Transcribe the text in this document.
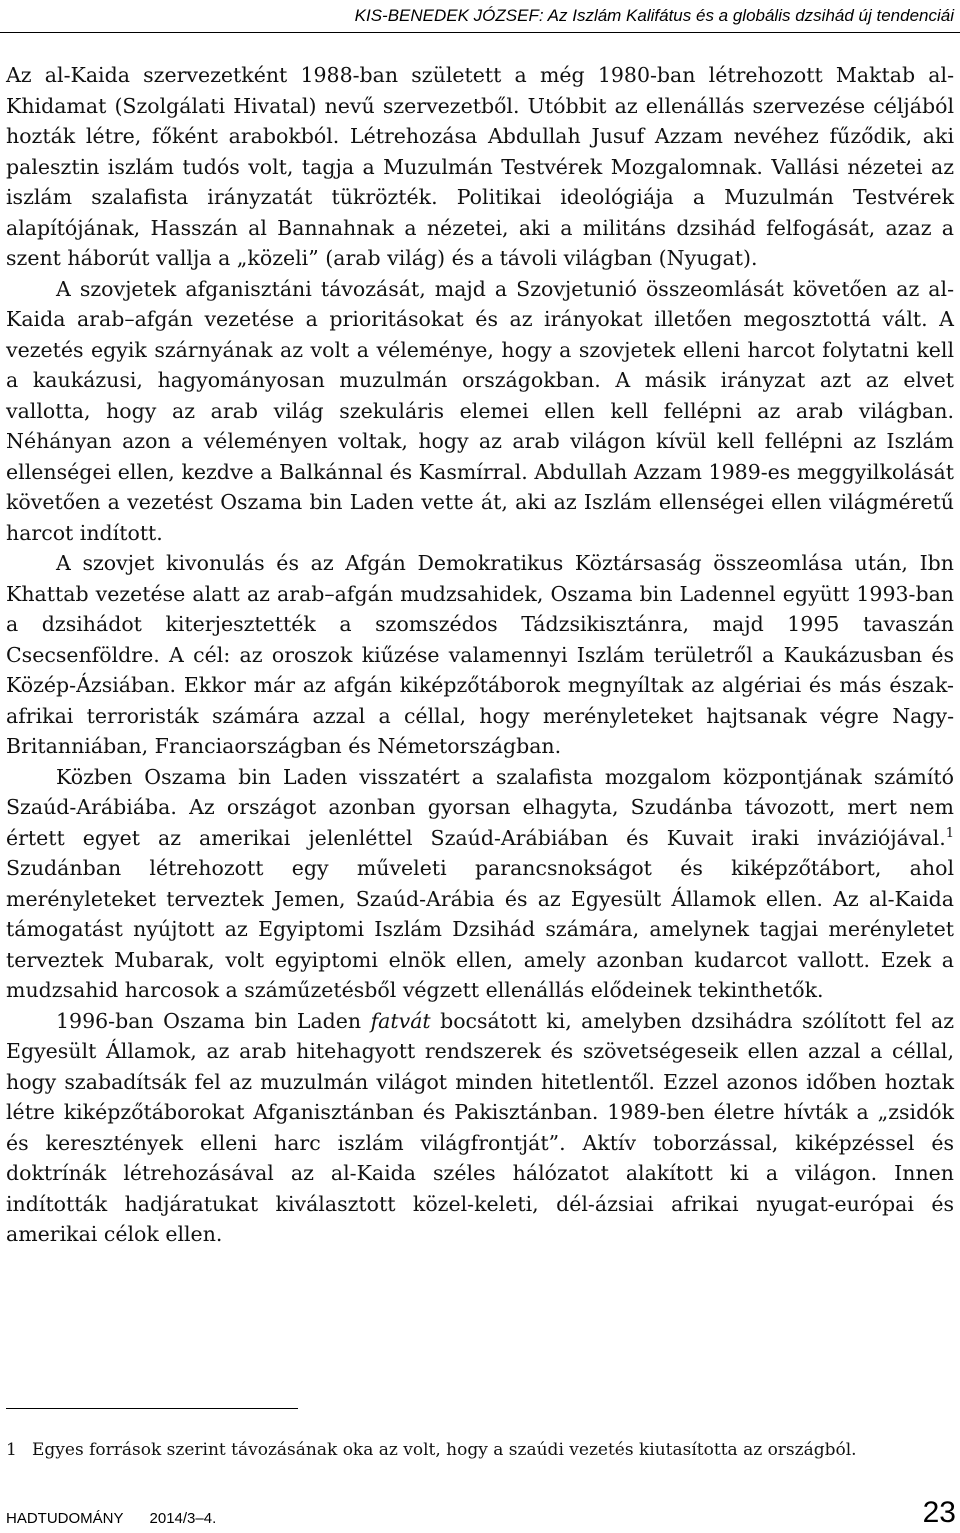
KIS-BENEDEK JÓZSEF: Az Iszlám Kalifátus és a globális dzsihád új tendenciái

Az al-Kaida szervezetként 1988-ban született a még 1980-ban létrehozott Maktab al-Khidamat (Szolgálati Hivatal) nevű szervezetből. Utóbbit az ellenállás szervezése céljából hozták létre, főként arabokból. Létrehozása Abdullah Jusuf Azzam nevéhez fűződik, aki palesztin iszlám tudós volt, tagja a Muzulmán Testvérek Mozgalomnak. Vallási nézetei az iszlám szalafista irányzatát tükrözték. Politikai ideológiája a Muzulmán Testvérek alapítójának, Hasszán al Bannahnak a nézetei, aki a militáns dzsihád felfogását, azaz a szent háborút vallja a „közeli” (arab világ) és a távoli világban (Nyugat).

A szovjetek afganisztáni távozását, majd a Szovjetunió összeomlását követően az al-Kaida arab–afgán vezetése a prioritásokat és az irányokat illetően megosztottá vált. A vezetés egyik szárnyának az volt a véleménye, hogy a szovjetek elleni harcot folytatni kell a kaukázusi, hagyományosan muzulmán országokban. A másik irányzat azt az elvet vallotta, hogy az arab világ szekuláris elemei ellen kell fellépni az arab világban. Néhányan azon a véleményen voltak, hogy az arab világon kívül kell fellépni az Iszlám ellenségei ellen, kezdve a Balkánnal és Kasmírral. Abdullah Azzam 1989-es meggyilkolását követően a vezetést Oszama bin Laden vette át, aki az Iszlám ellenségei ellen világméretű harcot indított.

A szovjet kivonulás és az Afgán Demokratikus Köztársaság összeomlása után, Ibn Khattab vezetése alatt az arab–afgán mudzsahidek, Oszama bin Ladennel együtt 1993-ban a dzsihádot kiterjesztették a szomszédos Tádzsikisztánra, majd 1995 tavaszán Csecsenföldre. A cél: az oroszok kiűzése valamennyi Iszlám területről a Kaukázusban és Közép-Ázsiában. Ekkor már az afgán kiképzőtáborok megnyíltak az algériai és más észak-afrikai terroristák számára azzal a céllal, hogy merényleteket hajtsanak végre Nagy-Britanniában, Franciaországban és Németországban.

Közben Oszama bin Laden visszatért a szalafista mozgalom központjának számító Szaúd-Arábiába. Az országot azonban gyorsan elhagyta, Szudánba távozott, mert nem értett egyet az amerikai jelenléttel Szaúd-Arábiában és Kuvait iraki inváziójával.$^1$ Szudánban létrehozott egy műveleti parancsnokságot és kiképzőtábort, ahol merényleteket terveztek Jemen, Szaúd-Arábia és az Egyesült Államok ellen. Az al-Kaida támogatást nyújtott az Egyiptomi Iszlám Dzsihád számára, amelynek tagjai merényletet terveztek Mubarak, volt egyiptomi elnök ellen, amely azonban kudarcot vallott. Ezek a mudzsahid harcosok a száműzetésből végzett ellenállás elődeinek tekinthetők.

1996-ban Oszama bin Laden fatvát bocsátott ki, amelyben dzsihádra szólított fel az Egyesült Államok, az arab hitehagyott rendszerek és szövetségeseik ellen azzal a céllal, hogy szabadítsák fel az muzulmán világot minden hitetlentől. Ezzel azonos időben hoztak létre kiképzőtáborokat Afganisztánban és Pakisztánban. 1989-ben életre hívták a „zsidók és keresztények elleni harc iszlám világfrontját”. Aktív toborzással, kiképzéssel és doktrínák létrehozásával az al-Kaida széles hálózatot alakított ki a világon. Innen indították hadjáratukat kiválasztott közel-keleti, dél-ázsiai afrikai nyugat-európai és amerikai célok ellen.

1 Egyes források szerint távozásának oka az volt, hogy a szaúdi vezetés kiutasította az országból.
HADTUDOMÁNY 2014/3–4.	23
